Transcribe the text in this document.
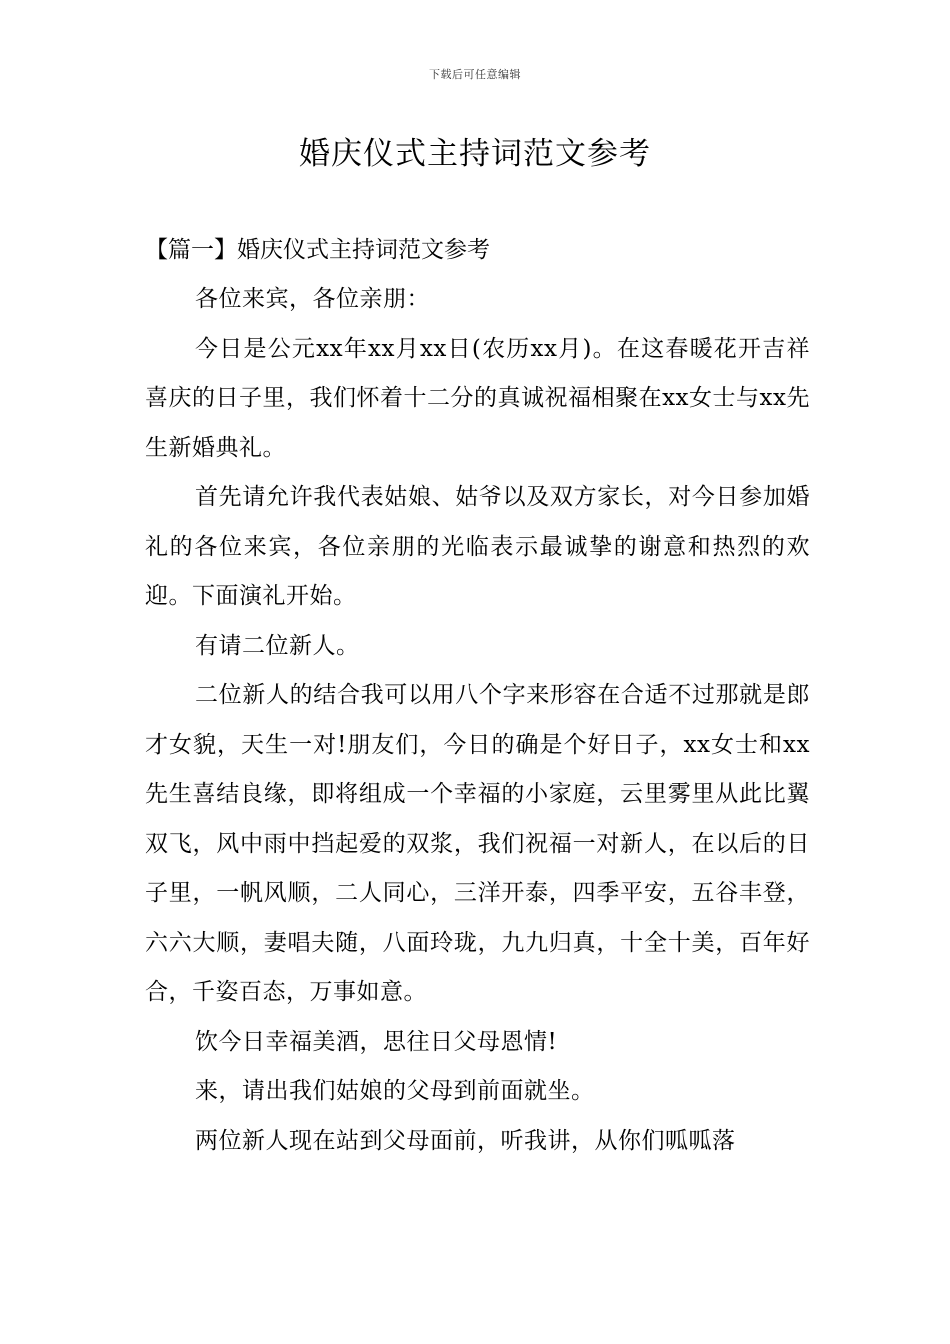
下载后可任意编辑
婚庆仪式主持词范文参考
【篇一】婚庆仪式主持词范文参考

各位来宾，各位亲朋：

今日是公元xx年xx月xx日(农历xx月)。在这春暖花开吉祥喜庆的日子里，我们怀着十二分的真诚祝福相聚在xx女士与xx先生新婚典礼。

首先请允许我代表姑娘、姑爷以及双方家长，对今日参加婚礼的各位来宾，各位亲朋的光临表示最诚挚的谢意和热烈的欢迎。下面演礼开始。

有请二位新人。

二位新人的结合我可以用八个字来形容在合适不过那就是郎才女貌，天生一对!朋友们，今日的确是个好日子，xx女士和xx先生喜结良缘，即将组成一个幸福的小家庭，云里雾里从此比翼双飞，风中雨中挡起爱的双浆，我们祝福一对新人，在以后的日子里，一帆风顺，二人同心，三洋开泰，四季平安，五谷丰登，六六大顺，妻唱夫随，八面玲珑，九九归真，十全十美，百年好合，千姿百态，万事如意。

饮今日幸福美酒，思往日父母恩情!

来，请出我们姑娘的父母到前面就坐。

两位新人现在站到父母面前，听我讲，从你们呱呱落
